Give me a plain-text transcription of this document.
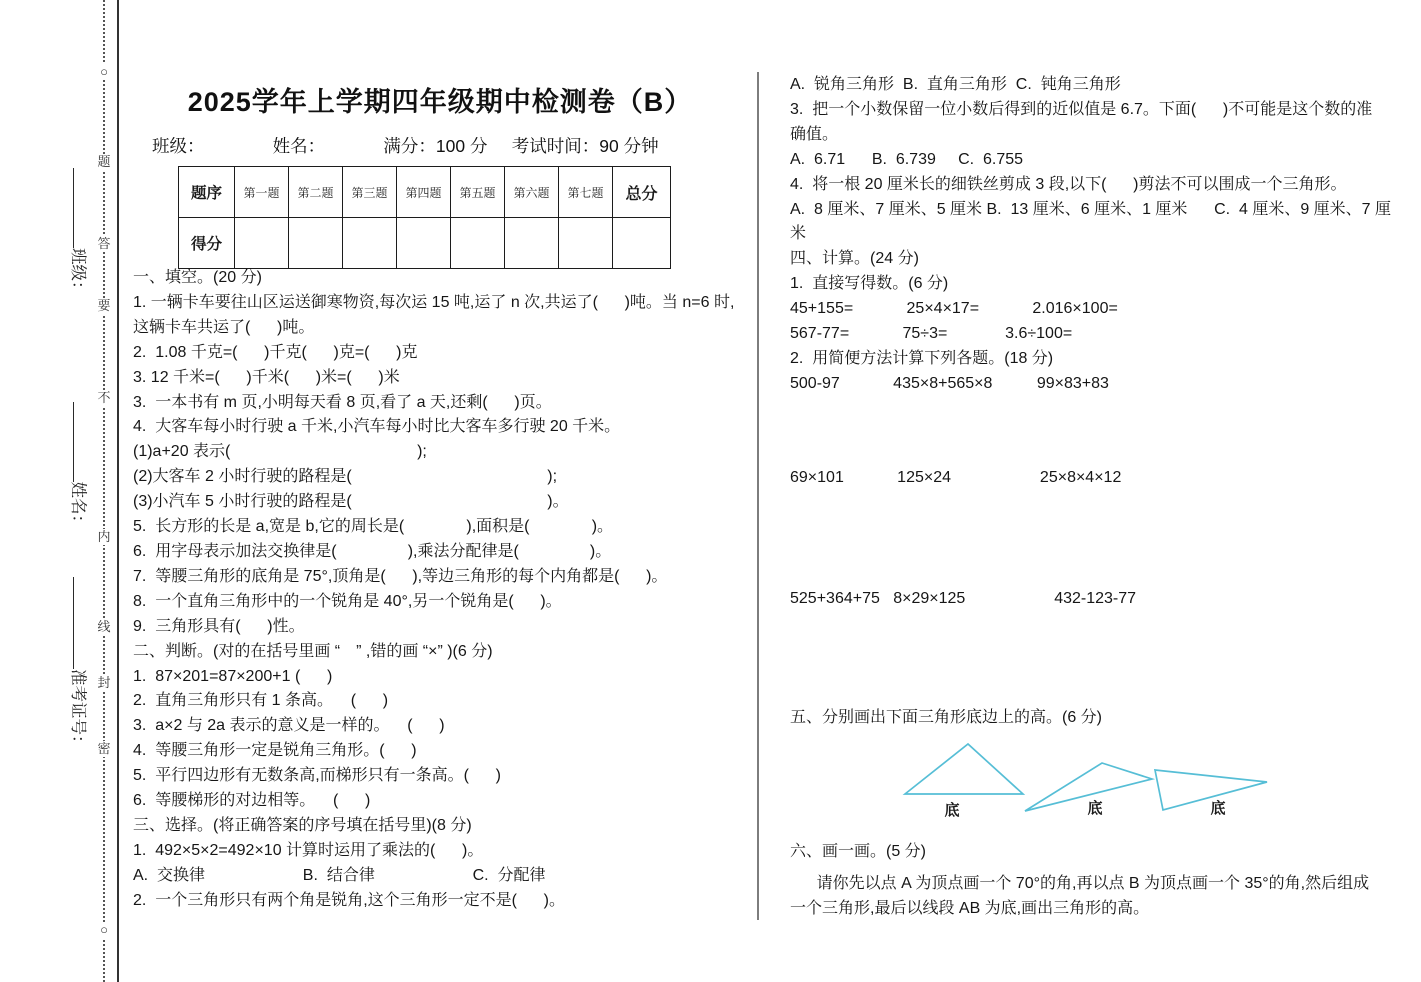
○
题
答
要
不
内
线
封
密
○
班级：姓名：准考证号：
2025学年上学期四年级期中检测卷（B）
班级：              姓名：            满分：100 分     考试时间：90 分钟
题序	第一题	第二题	第三题	第四题	第五题	第六题	第七题	总分
得分								
一、填空。(20 分)
1. 一辆卡车要往山区运送御寒物资,每次运 15 吨,运了 n 次,共运了(      )吨。当 n=6 时,
这辆卡车共运了(      )吨。
2.  1.08 千克=(      )千克(      )克=(      )克
3. 12 千米=(      )千米(      )米=(      )米
3.  一本书有 m 页,小明每天看 8 页,看了 a 天,还剩(      )页。
4.  大客车每小时行驶 a 千米,小汽车每小时比大客车多行驶 20 千米。
(1)a+20 表示(                                          );
(2)大客车 2 小时行驶的路程是(                                            );
(3)小汽车 5 小时行驶的路程是(                                            )。
5.  长方形的长是 a,宽是 b,它的周长是(              ),面积是(              )。
6.  用字母表示加法交换律是(                ),乘法分配律是(                )。
7.  等腰三角形的底角是 75°,顶角是(      ),等边三角形的每个内角都是(      )。
8.  一个直角三角形中的一个锐角是 40°,另一个锐角是(      )。
9.  三角形具有(      )性。
二、判断。(对的在括号里画 “　” ,错的画 “×” )(6 分)
1.  87×201=87×200+1 (      )
2.  直角三角形只有 1 条高。    (      )
3.  a×2 与 2a 表示的意义是一样的。    (      )
4.  等腰三角形一定是锐角三角形。(      )
5.  平行四边形有无数条高,而梯形只有一条高。(      )
6.  等腰梯形的对边相等。    (      )
三、选择。(将正确答案的序号填在括号里)(8 分)
1.  492×5×2=492×10 计算时运用了乘法的(      )。
A.  交换律                      B.  结合律                      C.  分配律
2.  一个三角形只有两个角是锐角,这个三角形一定不是(      )。
A.  锐角三角形  B.  直角三角形  C.  钝角三角形
3.  把一个小数保留一位小数后得到的近似值是 6.7。下面(      )不可能是这个数的准
确值。
A.  6.71      B.  6.739     C.  6.755
4.  将一根 20 厘米长的细铁丝剪成 3 段,以下(      )剪法不可以围成一个三角形。
A.  8 厘米、7 厘米、5 厘米 B.  13 厘米、6 厘米、1 厘米      C.  4 厘米、9 厘米、7 厘
米
四、计算。(24 分)
1.  直接写得数。(6 分)
45+155=            25×4×17=            2.016×100=
567-77=            75÷3=             3.6÷100=
2.  用简便方法计算下列各题。(18 分)
500-97            435×8+565×8          99×83+83
69×101            125×24                    25×8×4×12
525+364+75   8×29×125                    432-123-77
五、分别画出下面三角形底边上的高。(6 分)
底	底	底
六、画一画。(5 分)
请你先以点 A 为顶点画一个 70°的角,再以点 B 为顶点画一个 35°的角,然后组成
一个三角形,最后以线段 AB 为底,画出三角形的高。
